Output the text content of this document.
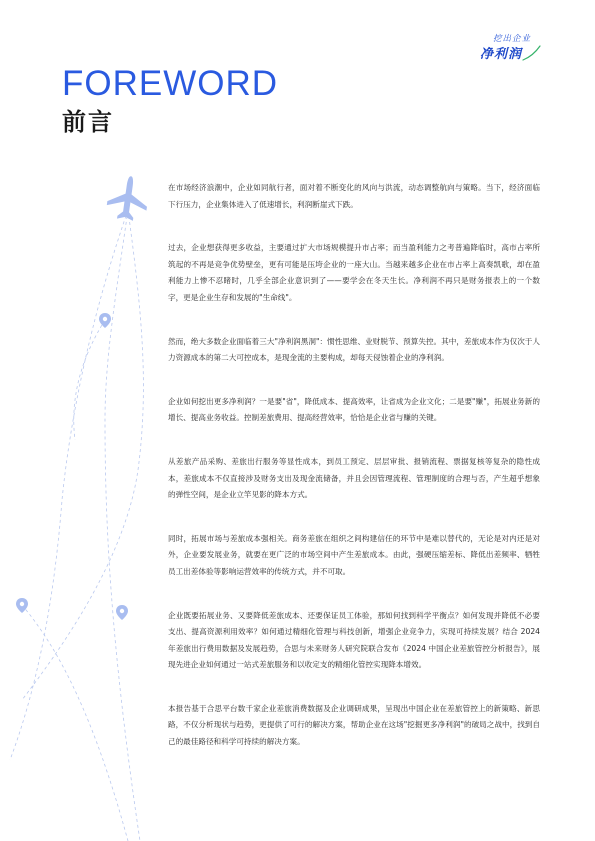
挖出企业
净利润
FOREWORD
前言

在市场经济浪潮中，企业如同航行者，面对着不断变化的风向与洪流，动态调整航向与策略。当下，经济面临下行压力，企业集体进入了低速增长，利润断崖式下跌。

过去，企业想获得更多收益，主要通过扩大市场规模提升市占率；而当盈利能力之考普遍降临时，高市占率所筑起的不再是竞争优势壁垒，更有可能是压垮企业的一座大山。当越来越多企业在市占率上高奏凯歌，却在盈利能力上惨不忍睹时，几乎全部企业意识到了——要学会在冬天生长。净利润不再只是财务报表上的一个数字，更是企业生存和发展的"生命线"。

然而，绝大多数企业面临着三大"净利润黑洞"：惯性思维、业财脱节、预算失控。其中，差旅成本作为仅次于人力资源成本的第二大可控成本，是现金流的主要构成，却每天侵蚀着企业的净利润。

企业如何挖出更多净利润？一是要"省"，降低成本、提高效率，让省成为企业文化；二是要"赚"，拓展业务新的增长、提高业务收益。控制差旅费用、提高经营效率，恰恰是企业省与赚的关键。

从差旅产品采购、差旅出行服务等显性成本，到员工预定、层层审批、报销流程、票据复核等复杂的隐性成本，差旅成本不仅直接涉及财务支出及现金流储备，并且会因管理流程、管理制度的合理与否，产生超乎想象的弹性空间，是企业立竿见影的降本方式。

同时，拓展市场与差旅成本强相关。商务差旅在组织之间构建信任的环节中是难以替代的，无论是对内还是对外，企业要发展业务，就要在更广泛的市场空间中产生差旅成本。由此，强硬压缩差标、降低出差频率、牺牲员工出差体验等影响运营效率的传统方式，并不可取。

企业既要拓展业务、又要降低差旅成本、还要保证员工体验，那如何找到科学平衡点？如何发现并降低不必要支出、提高资源利用效率？如何通过精细化管理与科技创新，增强企业竞争力，实现可持续发展？结合 2024 年差旅出行费用数据及发展趋势，合思与未来财务人研究院联合发布《2024 中国企业差旅管控分析报告》，展现先进企业如何通过一站式差旅服务和以收定支的精细化管控实现降本增效。

本报告基于合思平台数千家企业差旅消费数据及企业调研成果，呈现出中国企业在差旅管控上的新策略、新思路，不仅分析现状与趋势，更提供了可行的解决方案，帮助企业在这场"挖掘更多净利润"的破局之战中，找到自己的最佳路径和科学可持续的解决方案。
